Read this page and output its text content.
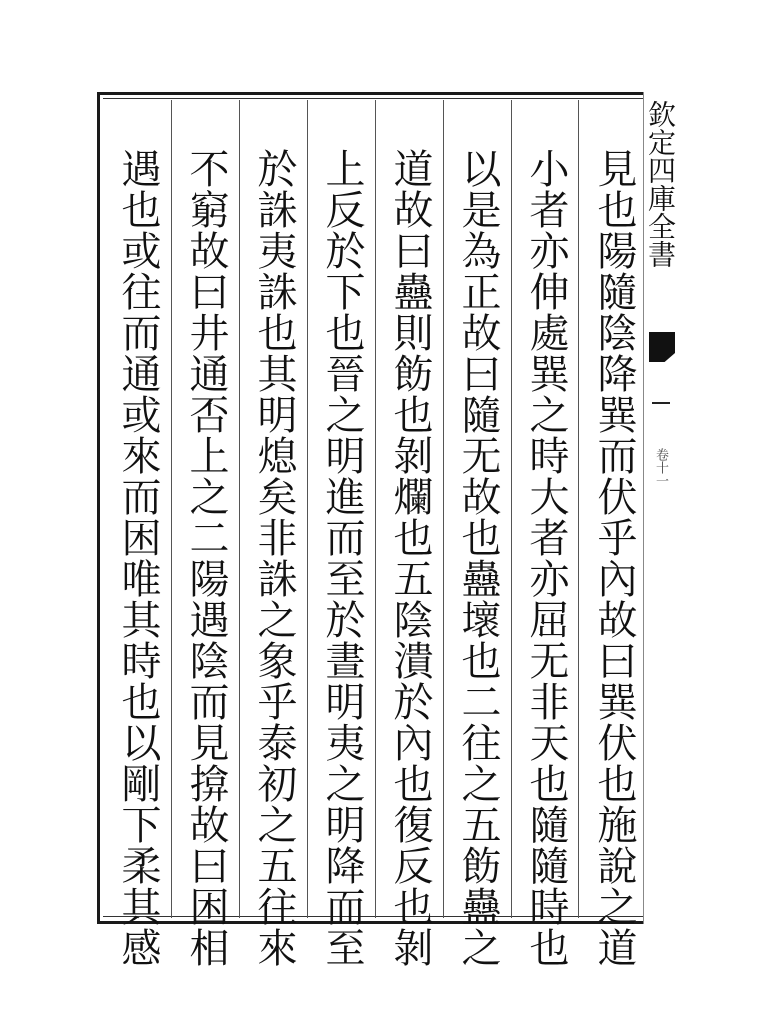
見也陽隨陰降巽而伏乎內故曰巽伏也施說之道

小者亦伸處巽之時大者亦屈无非天也隨隨時也

以是為正故曰隨无故也蠱壞也二往之五飭蠱之

道故曰蠱則飭也剝爛也五陰潰於內也復反也剝

上反於下也晉之明進而至於晝明夷之明降而至

於誅夷誅也其明熄矣非誅之象乎泰初之五往來

不窮故曰井通否上之二陽遇陰而見揜故曰困相

遇也或往而通或來而困唯其時也以剛下柔其感	欽定四庫全書
卷十一
